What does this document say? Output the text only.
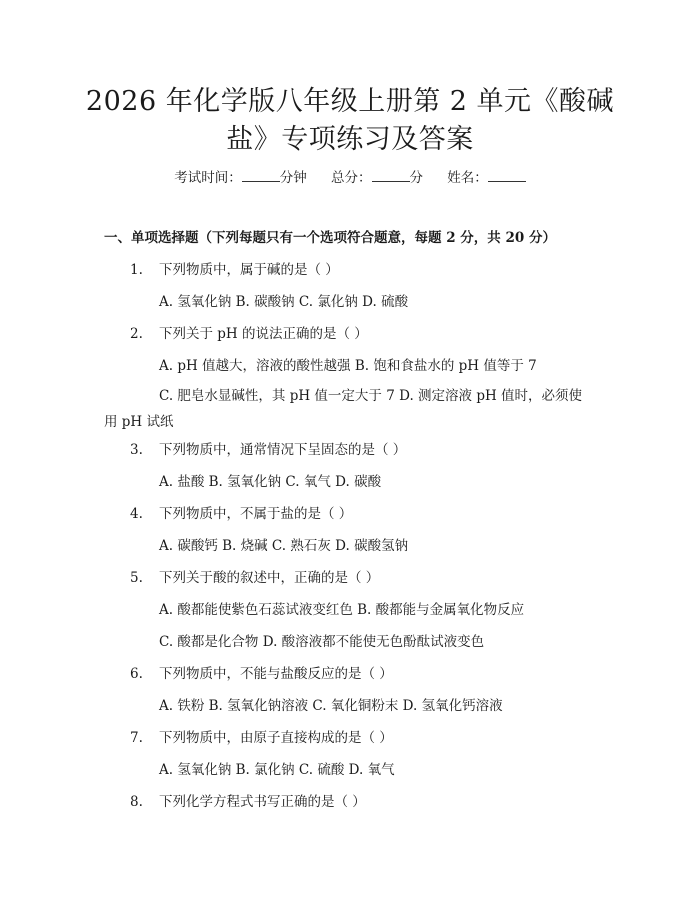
2026 年化学版八年级上册第 2 单元《酸碱
盐》专项练习及答案
考试时间：	分钟 总分：	分 姓名：
一、单项选择题（下列每题只有一个选项符合题意，每题 2 分，共 20 分）
1. 下列物质中，属于碱的是（ ）
A. 氢氧化钠 B. 碳酸钠 C. 氯化钠 D. 硫酸
2. 下列关于 pH 的说法正确的是（ ）
A. pH 值越大，溶液的酸性越强 B. 饱和食盐水的 pH 值等于 7

C. 肥皂水显碱性，其 pH 值一定大于 7 D. 测定溶液 pH 值时，必须使用 pH 试纸

3. 下列物质中，通常情况下呈固态的是（ ）
A. 盐酸 B. 氢氧化钠 C. 氧气 D. 碳酸
4. 下列物质中，不属于盐的是（ ）
A. 碳酸钙 B. 烧碱 C. 熟石灰 D. 碳酸氢钠
5. 下列关于酸的叙述中，正确的是（ ）
A. 酸都能使紫色石蕊试液变红色 B. 酸都能与金属氧化物反应
C. 酸都是化合物 D. 酸溶液都不能使无色酚酞试液变色
6. 下列物质中，不能与盐酸反应的是（ ）
A. 铁粉 B. 氢氧化钠溶液 C. 氧化铜粉末 D. 氢氧化钙溶液
7. 下列物质中，由原子直接构成的是（ ）
A. 氢氧化钠 B. 氯化钠 C. 硫酸 D. 氧气
8. 下列化学方程式书写正确的是（ ）
